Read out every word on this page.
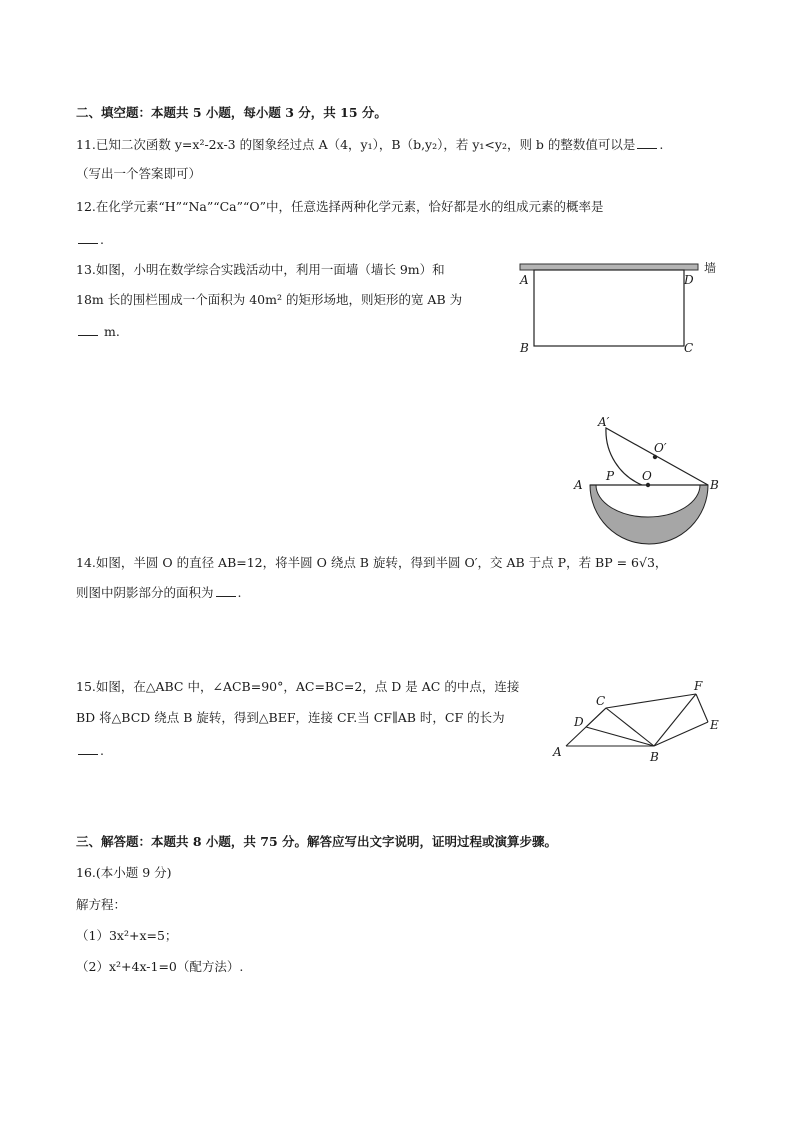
二、填空题：本题共 5 小题，每小题 3 分，共 15 分。
11.已知二次函数 y=x²-2x-3 的图象经过点 A（4，y₁），B（b,y₂），若 y₁<y₂，则 b 的整数值可以是 .
（写出一个答案即可）
12.在化学元素“H”“Na”“Ca”“O”中，任意选择两种化学元素，恰好都是水的组成元素的概率是
.
13.如图，小明在数学综合实践活动中，利用一面墙（墙长 9m）和
18m 长的围栏围成一个面积为 40m² 的矩形场地，则矩形的宽 AB 为
m.
墙
A	D
B	C
A′
O′
A
P O
B
14.如图，半圆 O 的直径 AB=12，将半圆 O 绕点 B 旋转，得到半圆 O′，交 AB 于点 P，若 BP = 6√3，
则图中阴影部分的面积为 .
15.如图，在△ABC 中，∠ACB=90°，AC=BC=2，点 D 是 AC 的中点，连接
BD 将△BCD 绕点 B 旋转，得到△BEF，连接 CF.当 CF∥AB 时，CF 的长为
.
C
F
D	E
A	B
三、解答题：本题共 8 小题，共 75 分。解答应写出文字说明，证明过程或演算步骤。
16.(本小题 9 分)
解方程：
（1）3x²+x=5；
（2）x²+4x-1=0（配方法）.
